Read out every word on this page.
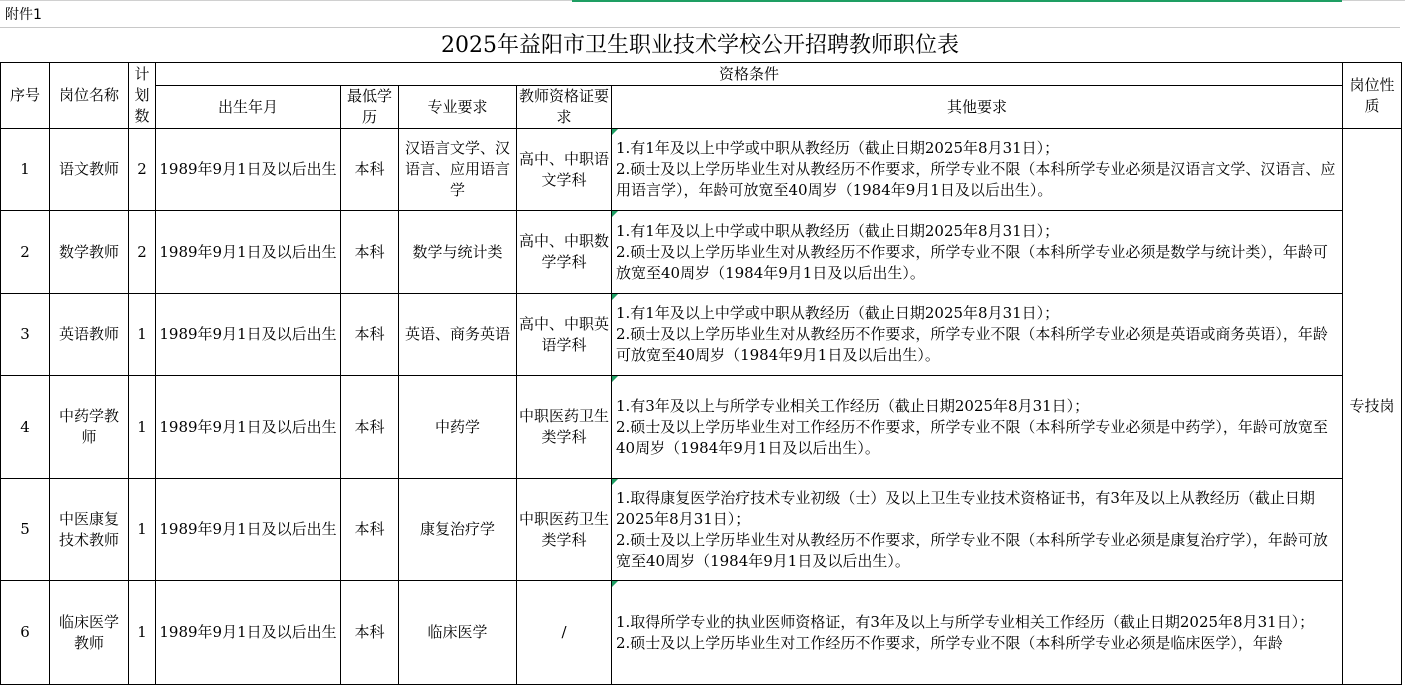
附件1
2025年益阳市卫生职业技术学校公开招聘教师职位表
序号	岗位名称	计划数	资格条件					岗位性质
			出生年月	最低学历	专业要求	教师资格证要求	其他要求	
1	语文教师	2	1989年9月1日及以后出生	本科	汉语言文学、汉语言、应用语言学	高中、中职语文学科	1.有1年及以上中学或中职从教经历（截止日期2025年8月31日）；
2.硕士及以上学历毕业生对从教经历不作要求，所学专业不限（本科所学专业必须是汉语言文学、汉语言、应用语言学），年龄可放宽至40周岁（1984年9月1日及以后出生）。	专技岗
2	数学教师	2	1989年9月1日及以后出生	本科	数学与统计类	高中、中职数学学科	1.有1年及以上中学或中职从教经历（截止日期2025年8月31日）；
2.硕士及以上学历毕业生对从教经历不作要求，所学专业不限（本科所学专业必须是数学与统计类），年龄可放宽至40周岁（1984年9月1日及以后出生）。	

3	英语教师	1	1989年9月1日及以后出生	本科	英语、商务英语	高中、中职英语学科	1.有1年及以上中学或中职从教经历（截止日期2025年8月31日）；
2.硕士及以上学历毕业生对从教经历不作要求，所学专业不限（本科所学专业必须是英语或商务英语），年龄可放宽至40周岁（1984年9月1日及以后出生）。	

4	中药学教师	1	1989年9月1日及以后出生	本科	中药学	中职医药卫生类学科	1.有3年及以上与所学专业相关工作经历（截止日期2025年8月31日）；
2.硕士及以上学历毕业生对工作经历不作要求，所学专业不限（本科所学专业必须是中药学），年龄可放宽至40周岁（1984年9月1日及以后出生）。	

5	中医康复技术教师	1	1989年9月1日及以后出生	本科	康复治疗学	中职医药卫生类学科	1.取得康复医学治疗技术专业初级（士）及以上卫生专业技术资格证书，有3年及以上从教经历（截止日期2025年8月31日）；
2.硕士及以上学历毕业生对从教经历不作要求，所学专业不限（本科所学专业必须是康复治疗学），年龄可放宽至40周岁（1984年9月1日及以后出生）。	

6	临床医学教师	1	1989年9月1日及以后出生	本科	临床医学	/	1.取得所学专业的执业医师资格证，有3年及以上与所学专业相关工作经历（截止日期2025年8月31日）；
2.硕士及以上学历毕业生对工作经历不作要求，所学专业不限（本科所学专业必须是临床医学），年龄	
